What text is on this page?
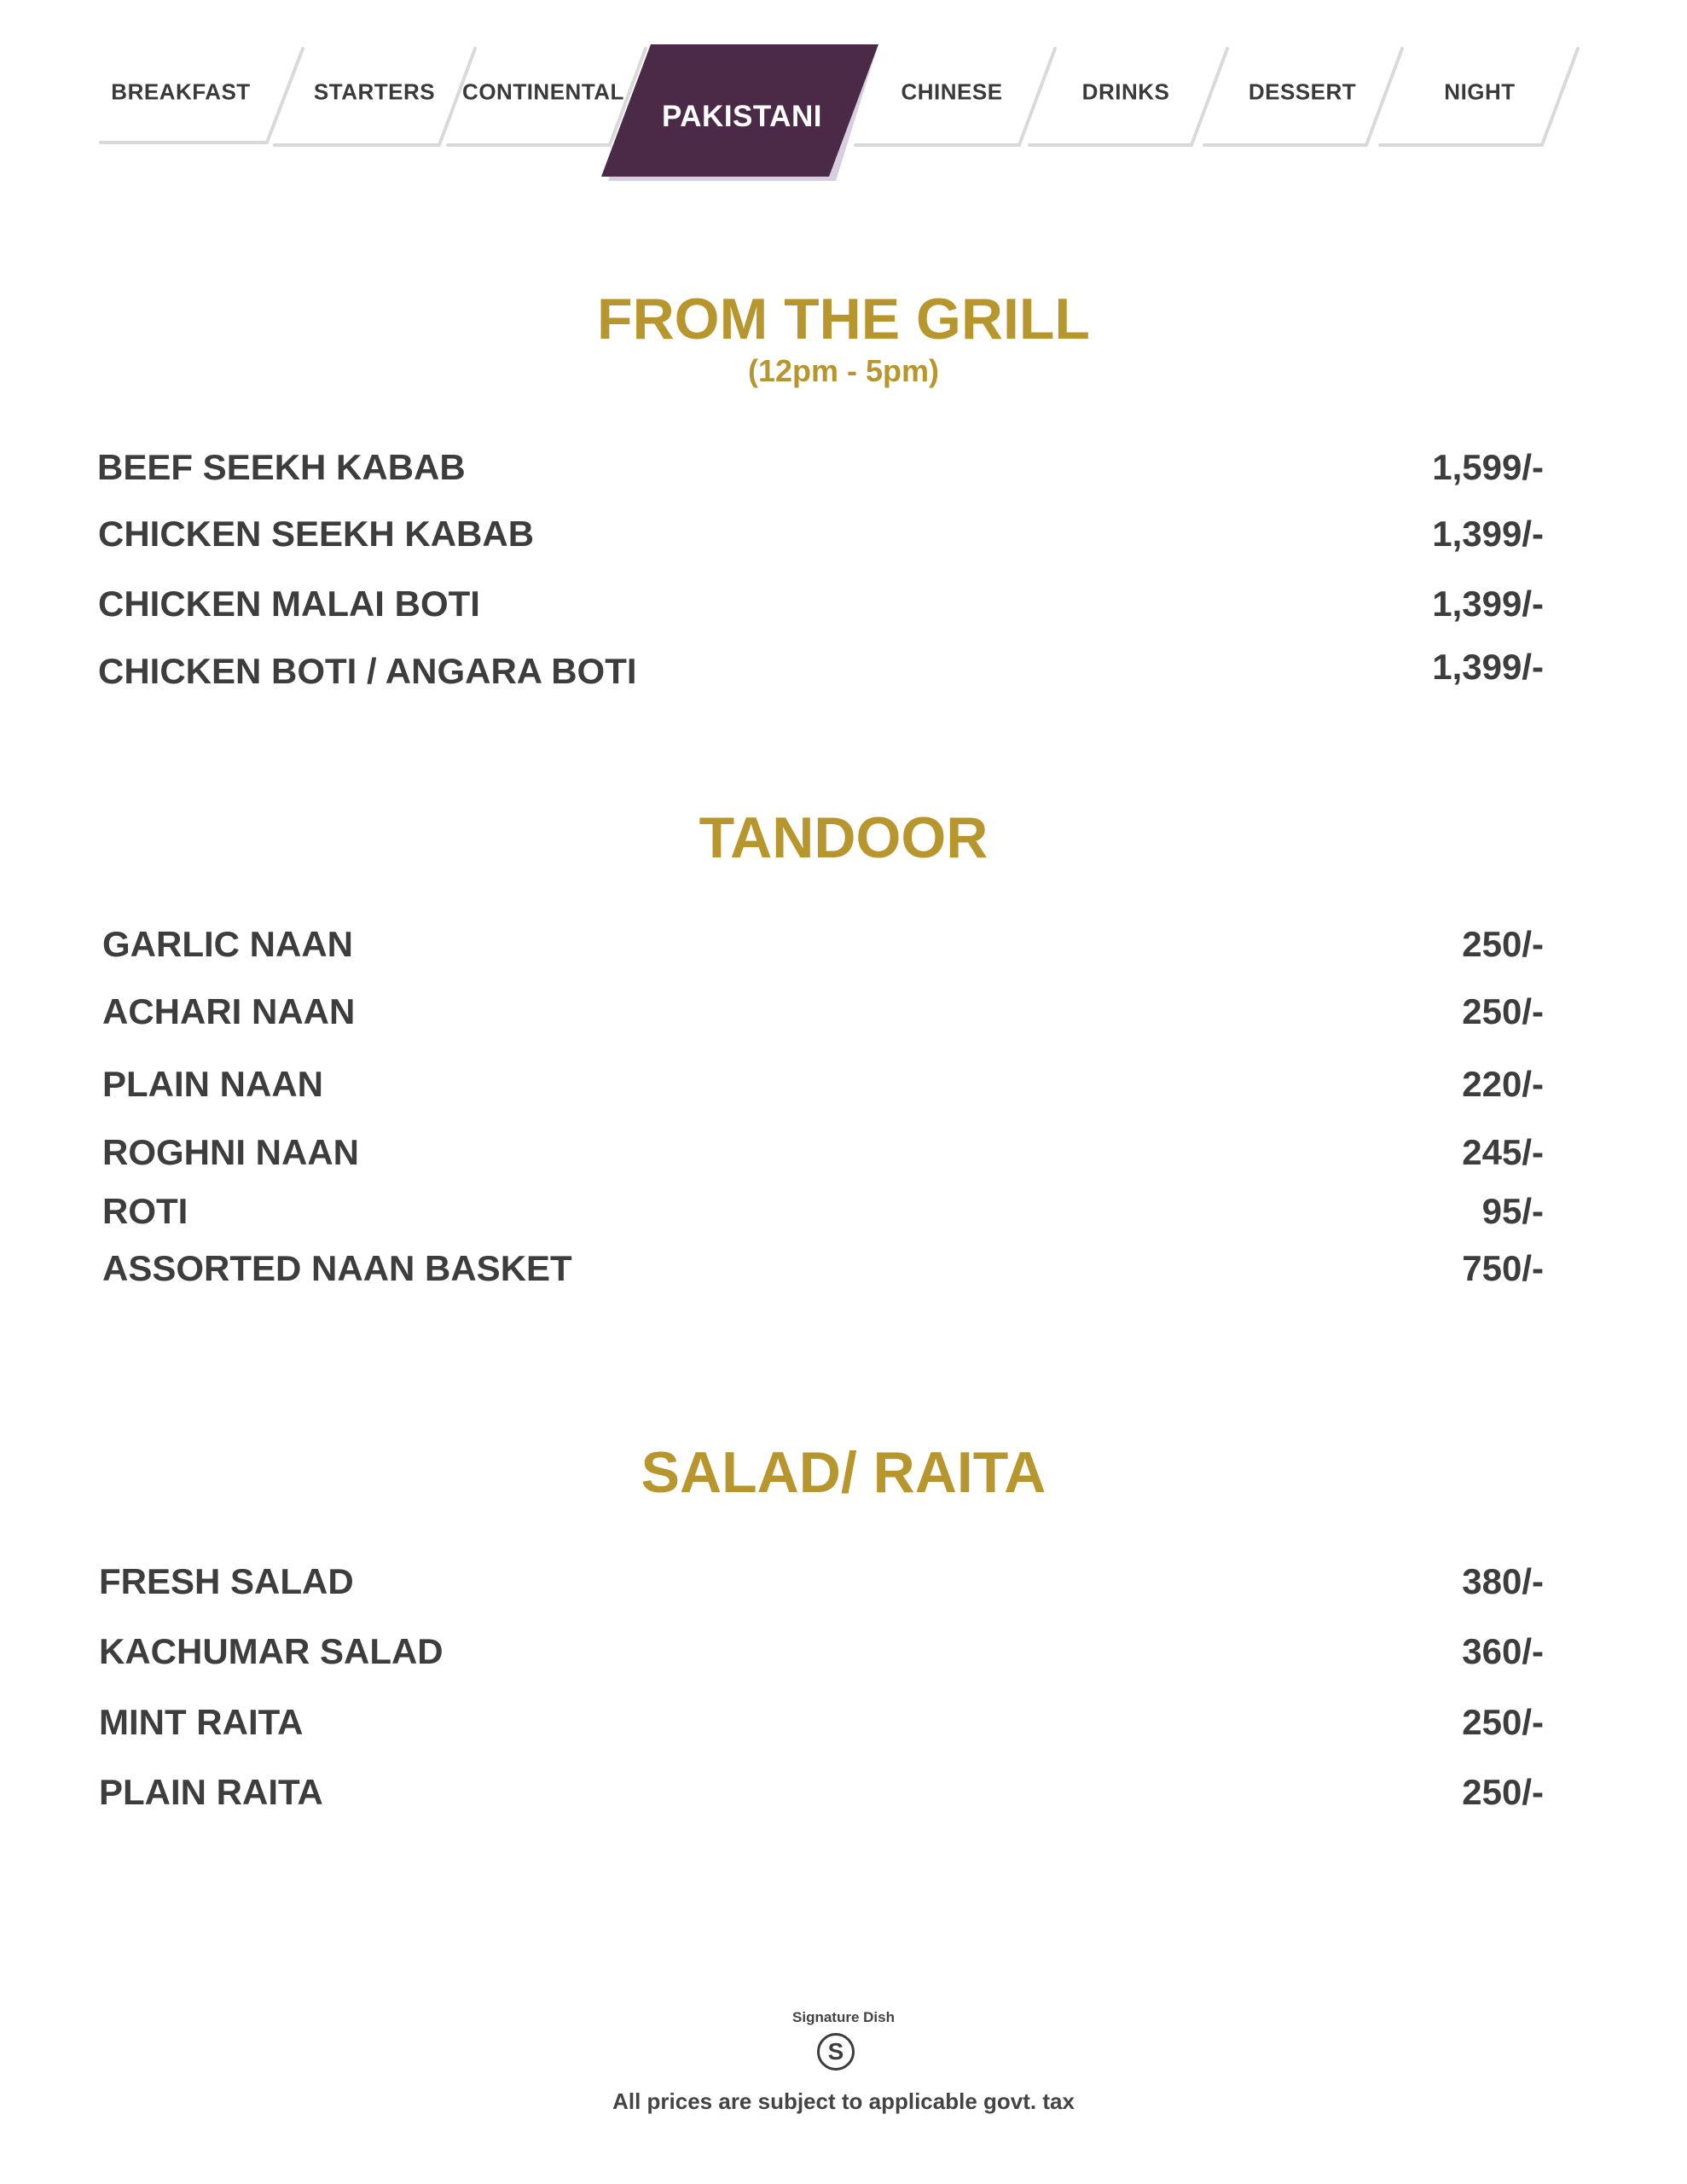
BREAKFAST	STARTERS CONTINENTAL
PAKISTANI
CHINESE	DRINKS	DESSERT	NIGHT
FROM THE GRILL
(12pm - 5pm)
BEEF SEEKH KABAB	1,599/-
CHICKEN SEEKH KABAB	1,399/-
CHICKEN MALAI BOTI	1,399/-
CHICKEN BOTI / ANGARA BOTI	1,399/-
TANDOOR
GARLIC NAAN	250/-
ACHARI NAAN	250/-
PLAIN NAAN	220/-
ROGHNI NAAN	245/-
ROTI	95/-
ASSORTED NAAN BASKET	750/-
SALAD/ RAITA
FRESH SALAD	380/-
KACHUMAR SALAD	360/-
MINT RAITA	250/-
PLAIN RAITA	250/-
Signature Dish
S
All prices are subject to applicable govt. tax
